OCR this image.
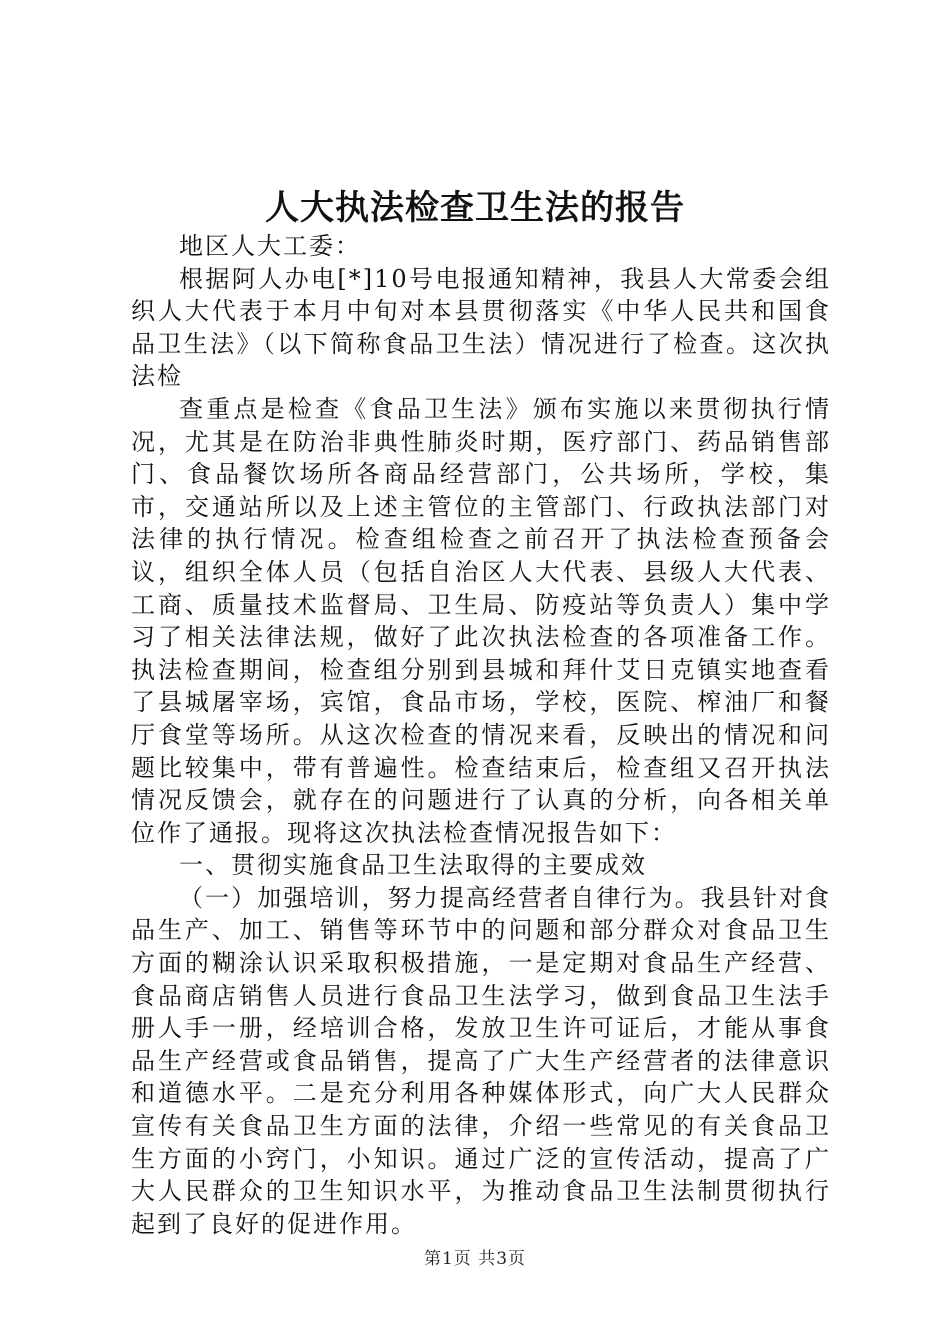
人大执法检查卫生法的报告

地区人大工委：

根据阿人办电[*]10号电报通知精神，我县人大常委会组织人大代表于本月中旬对本县贯彻落实《中华人民共和国食品卫生法》（以下简称食品卫生法）情况进行了检查。这次执法检

查重点是检查《食品卫生法》颁布实施以来贯彻执行情况，尤其是在防治非典性肺炎时期，医疗部门、药品销售部门、食品餐饮场所各商品经营部门，公共场所，学校，集市，交通站所以及上述主管位的主管部门、行政执法部门对法律的执行情况。检查组检查之前召开了执法检查预备会议，组织全体人员（包括自治区人大代表、县级人大代表、工商、质量技术监督局、卫生局、防疫站等负责人）集中学习了相关法律法规，做好了此次执法检查的各项准备工作。执法检查期间，检查组分别到县城和拜什艾日克镇实地查看了县城屠宰场，宾馆，食品市场，学校，医院、榨油厂和餐厅食堂等场所。从这次检查的情况来看，反映出的情况和问题比较集中，带有普遍性。检查结束后，检查组又召开执法情况反馈会，就存在的问题进行了认真的分析，向各相关单位作了通报。现将这次执法检查情况报告如下：

一、贯彻实施食品卫生法取得的主要成效

（一）加强培训，努力提高经营者自律行为。我县针对食品生产、加工、销售等环节中的问题和部分群众对食品卫生方面的糊涂认识采取积极措施，一是定期对食品生产经营、食品商店销售人员进行食品卫生法学习，做到食品卫生法手册人手一册，经培训合格，发放卫生许可证后，才能从事食品生产经营或食品销售，提高了广大生产经营者的法律意识和道德水平。二是充分利用各种媒体形式，向广大人民群众宣传有关食品卫生方面的法律，介绍一些常见的有关食品卫生方面的小窍门，小知识。通过广泛的宣传活动，提高了广大人民群众的卫生知识水平，为推动食品卫生法制贯彻执行起到了良好的促进作用。

第1页 共3页
